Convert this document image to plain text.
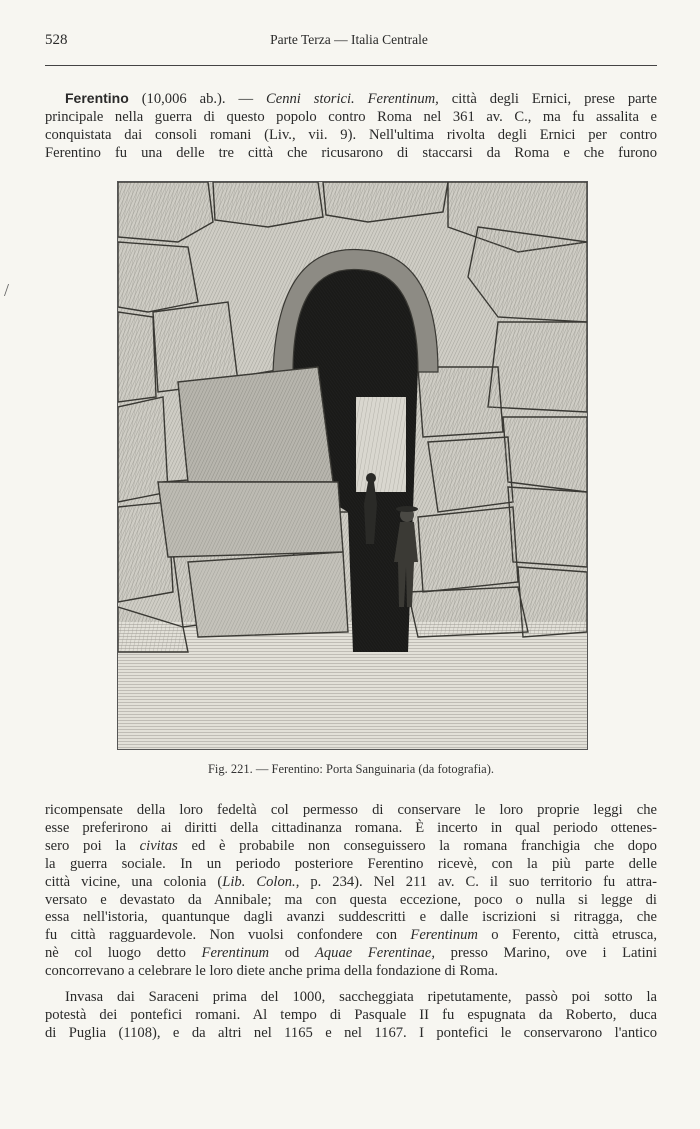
528	Parte Terza — Italia Centrale
/
Ferentino (10,006 ab.). — Cenni storici. Ferentinum, città degli Ernici, prese parte
principale nella guerra di questo popolo contro Roma nel 361 av. C., ma fu assalita e
conquistata dai consoli romani (Liv., vii. 9). Nell'ultima rivolta degli Ernici per contro
Ferentino fu una delle tre città che ricusarono di staccarsi da Roma e che furono
Fig. 221. — Ferentino: Porta Sanguinaria (da fotografia).
ricompensate della loro fedeltà col permesso di conservare le loro proprie leggi che
esse preferirono ai diritti della cittadinanza romana. È incerto in qual periodo ottenes-
sero poi la civitas ed è probabile non conseguissero la romana franchigia che dopo
la guerra sociale. In un periodo posteriore Ferentino ricevè, con la più parte delle
città vicine, una colonia (Lib. Colon., p. 234). Nel 211 av. C. il suo territorio fu attra-
versato e devastato da Annibale; ma con questa eccezione, poco o nulla si legge di
essa nell'istoria, quantunque dagli avanzi suddescritti e dalle iscrizioni si ritragga, che
fu città ragguardevole. Non vuolsi confondere con Ferentinum o Ferento, città etrusca,
nè col luogo detto Ferentinum od Aquae Ferentinae, presso Marino, ove i Latini
concorrevano a celebrare le loro diete anche prima della fondazione di Roma.
Invasa dai Saraceni prima del 1000, saccheggiata ripetutamente, passò poi sotto la
potestà dei pontefici romani. Al tempo di Pasquale II fu espugnata da Roberto, duca
di Puglia (1108), e da altri nel 1165 e nel 1167. I pontefici le conservarono l'antico
